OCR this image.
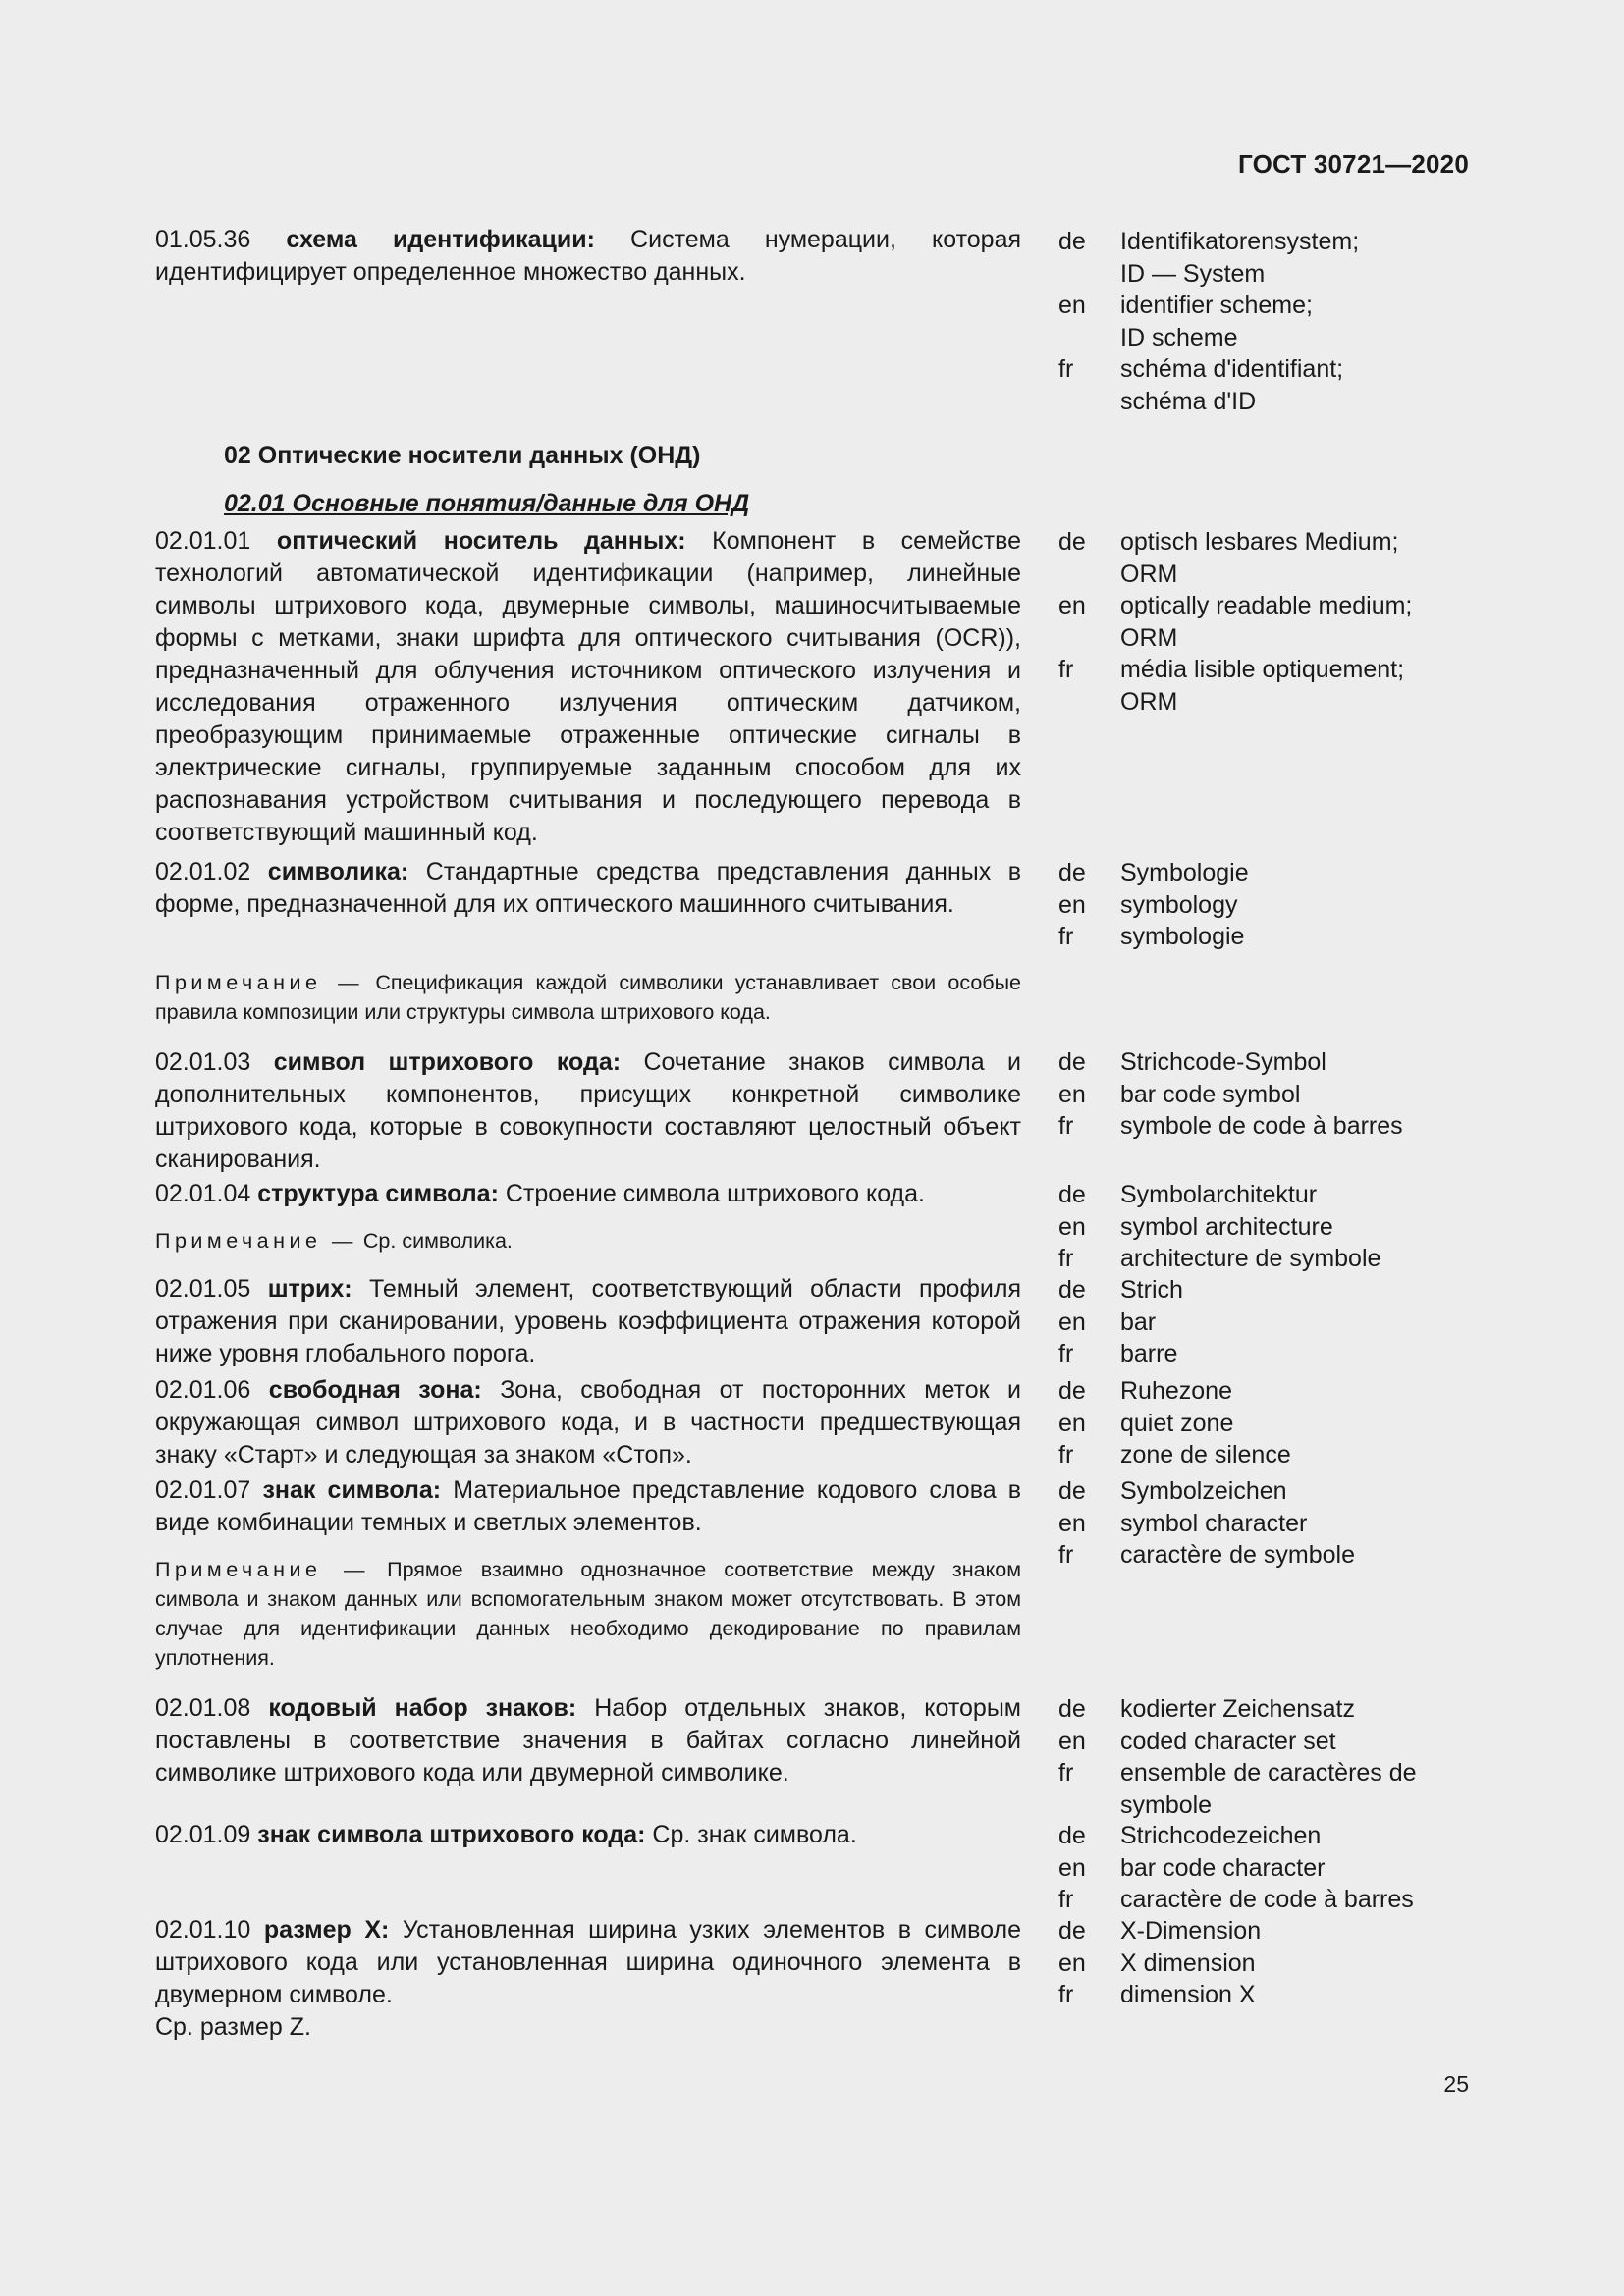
ГОСТ 30721—2020
01.05.36 схема идентификации: Система нумерации, которая идентифицирует определенное множество данных.
de	Identifikatorensystem;
ID — System
en	identifier scheme;
ID scheme
fr	schéma d'identifiant;
schéma d'ID
02 Оптические носители данных (ОНД)
02.01 Основные понятия/данные для ОНД
02.01.01 оптический носитель данных: Компонент в семействе технологий автоматической идентификации (например, линейные символы штрихового кода, двумерные символы, машиносчитываемые формы с метками, знаки шрифта для оптического считывания (OCR)), предназначенный для облучения источником оптического излучения и исследования отраженного излучения оптическим датчиком, преобразующим принимаемые отраженные оптические сигналы в электрические сигналы, группируемые заданным способом для их распознавания устройством считывания и последующего перевода в соответствующий машинный код.
de	optisch lesbares Medium;
ORM
en	optically readable medium;
ORM
fr	média lisible optiquement;
ORM
02.01.02 символика: Стандартные средства представления данных в форме, предназначенной для их оптического машинного считывания.
de	Symbologie
en	symbology
fr	symbologie
Примечание — Спецификация каждой символики устанавливает свои особые правила композиции или структуры символа штрихового кода.
02.01.03 символ штрихового кода: Сочетание знаков символа и дополнительных компонентов, присущих конкретной символике штрихового кода, которые в совокупности составляют целостный объект сканирования.
de	Strichcode-Symbol
en	bar code symbol
fr	symbole de code à barres
02.01.04 структура символа: Строение символа штрихового кода.	de	Symbolarchitektur
en	symbol architecture
fr	architecture de symbole
Примечание — Ср. символика.
02.01.05 штрих: Темный элемент, соответствующий области профиля отражения при сканировании, уровень коэффициента отражения которой ниже уровня глобального порога.
de	Strich
en	bar
fr	barre
02.01.06 свободная зона: Зона, свободная от посторонних меток и окружающая символ штрихового кода, и в частности предшествующая знаку «Старт» и следующая за знаком «Стоп».
de	Ruhezone
en	quiet zone
fr	zone de silence
02.01.07 знак символа: Материальное представление кодового слова в виде комбинации темных и светлых элементов.
de	Symbolzeichen
en	symbol character
fr	caractère de symbole
Примечание — Прямое взаимно однозначное соответствие между знаком символа и знаком данных или вспомогательным знаком может отсутствовать. В этом случае для идентификации данных необходимо декодирование по правилам уплотнения.
02.01.08 кодовый набор знаков: Набор отдельных знаков, которым поставлены в соответствие значения в байтах согласно линейной символике штрихового кода или двумерной символике.
de	kodierter Zeichensatz
en	coded character set
fr	ensemble de caractères de
symbole
02.01.09 знак символа штрихового кода: Ср. знак символа.	de	Strichcodezeichen
en	bar code character
fr	caractère de code à barres
02.01.10 размер X: Установленная ширина узких элементов в символе штрихового кода или установленная ширина одиночного элемента в двумерном символе.
Ср. размер Z.
de	X-Dimension
en	X dimension
fr	dimension X
25
